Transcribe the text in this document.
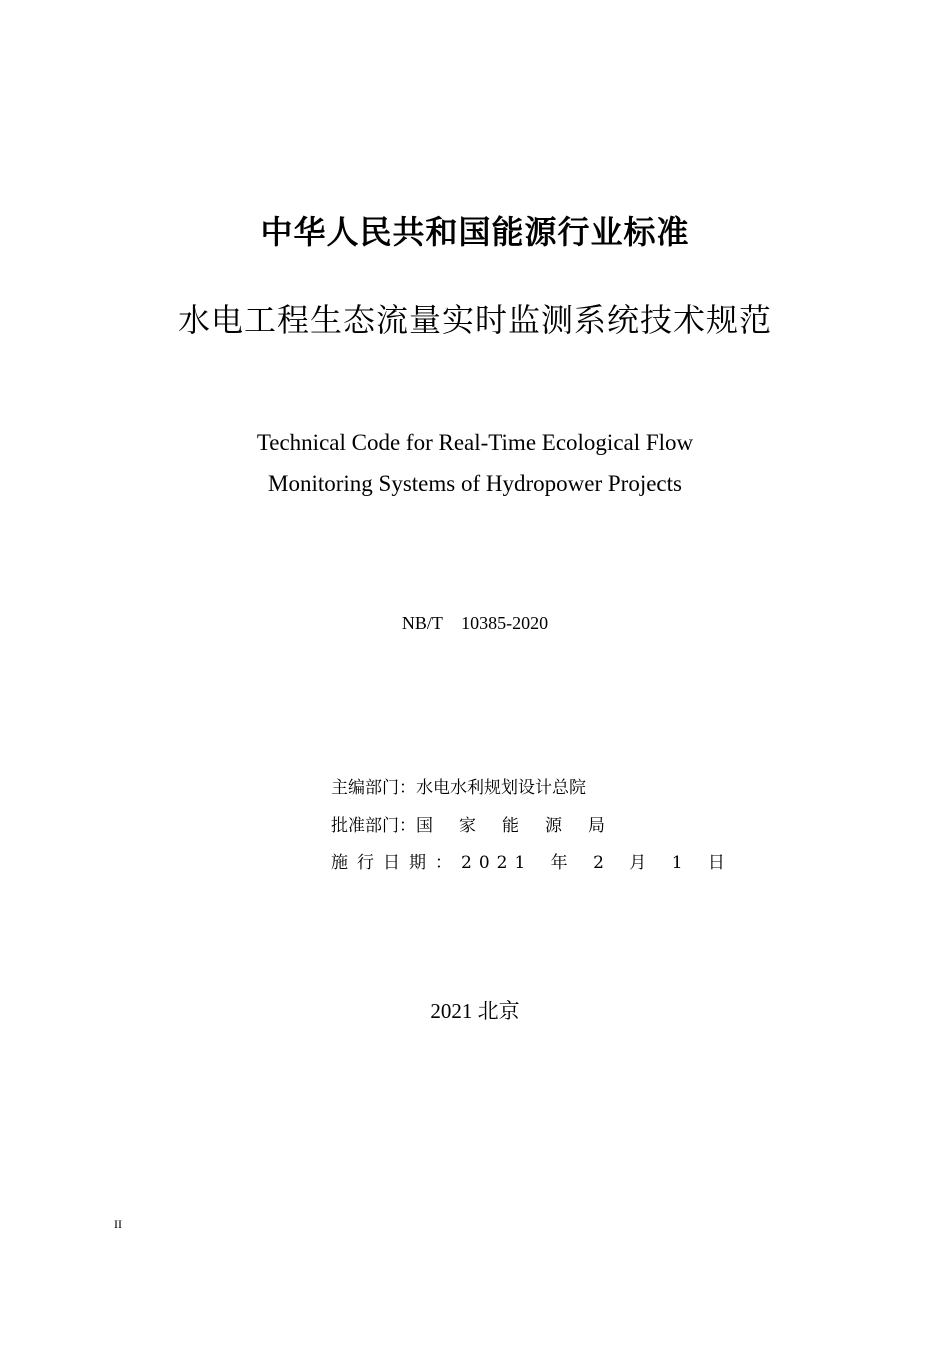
中华人民共和国能源行业标准
水电工程生态流量实时监测系统技术规范
Technical Code for Real-Time Ecological Flow
Monitoring Systems of Hydropower Projects
NB/T 10385-2020
主编部门：水电水利规划设计总院
批准部门：国家能源局
施行日期：2021 年 2 月 1 日
2021 北京
II
